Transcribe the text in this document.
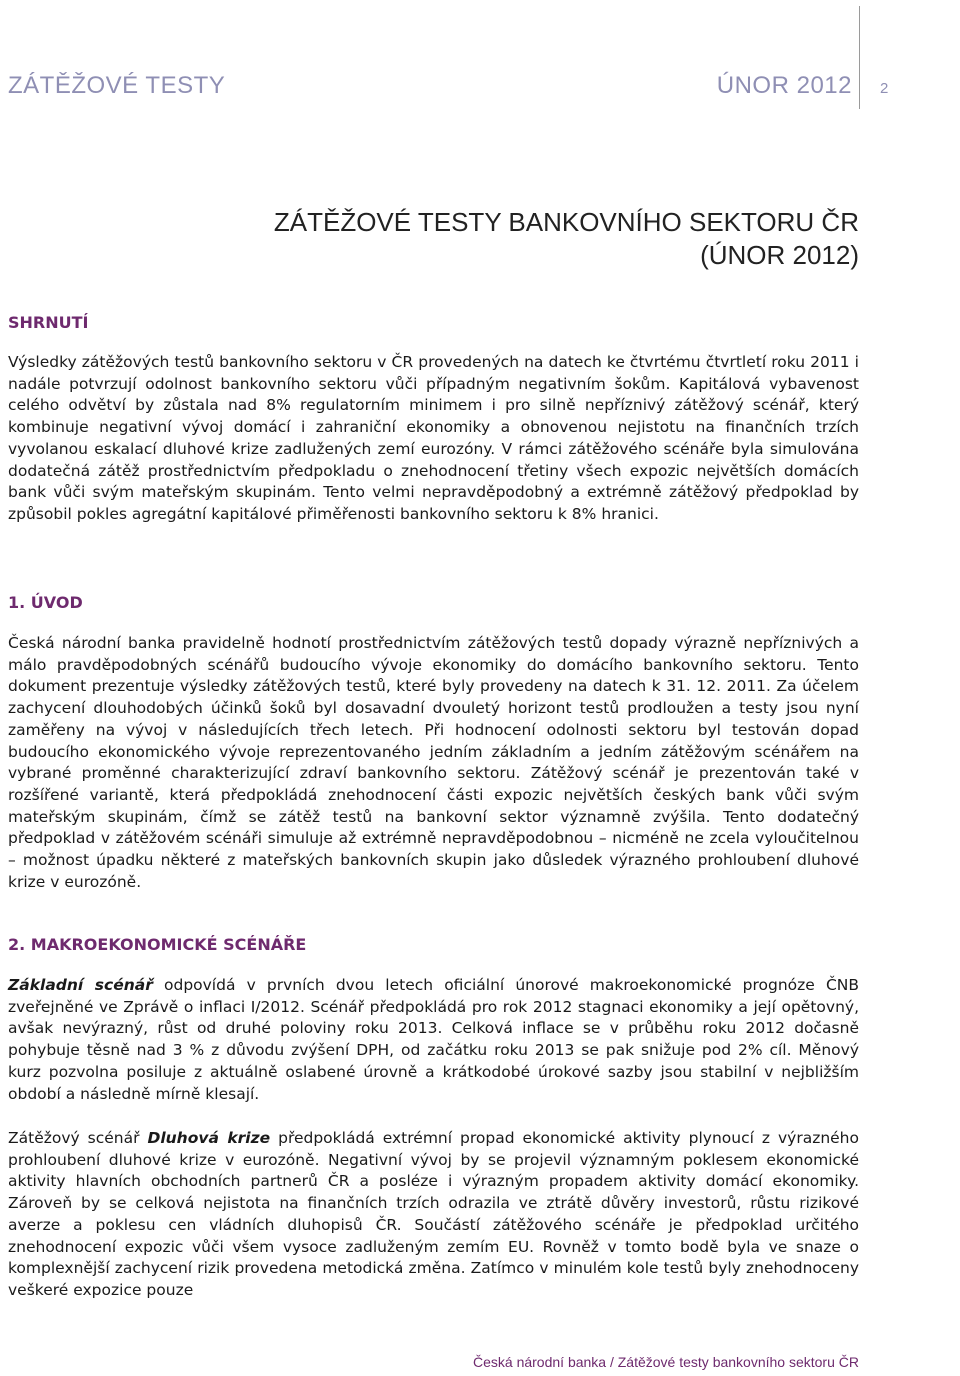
ZÁTĚŽOVÉ TESTY	ÚNOR 2012 2
ZÁTĚŽOVÉ TESTY BANKOVNÍHO SEKTORU ČR
(ÚNOR 2012)
SHRNUTÍ
Výsledky zátěžových testů bankovního sektoru v ČR provedených na datech ke čtvrtému čtvrtletí roku 2011 i nadále potvrzují odolnost bankovního sektoru vůči případným negativním šokům. Kapitálová vybavenost celého odvětví by zůstala nad 8% regulatorním minimem i pro silně nepříznivý zátěžový scénář, který kombinuje negativní vývoj domácí i zahraniční ekonomiky a obnovenou nejistotu na finančních trzích vyvolanou eskalací dluhové krize zadlužených zemí eurozóny. V rámci zátěžového scénáře byla simulována dodatečná zátěž prostřednictvím předpokladu o znehodnocení třetiny všech expozic největších domácích bank vůči svým mateřským skupinám. Tento velmi nepravděpodobný a extrémně zátěžový předpoklad by způsobil pokles agregátní kapitálové přiměřenosti bankovního sektoru k 8% hranici.
1. ÚVOD
Česká národní banka pravidelně hodnotí prostřednictvím zátěžových testů dopady výrazně nepříznivých a málo pravděpodobných scénářů budoucího vývoje ekonomiky do domácího bankovního sektoru. Tento dokument prezentuje výsledky zátěžových testů, které byly provedeny na datech k 31. 12. 2011. Za účelem zachycení dlouhodobých účinků šoků byl dosavadní dvouletý horizont testů prodloužen a testy jsou nyní zaměřeny na vývoj v následujících třech letech. Při hodnocení odolnosti sektoru byl testován dopad budoucího ekonomického vývoje reprezentovaného jedním základním a jedním zátěžovým scénářem na vybrané proměnné charakterizující zdraví bankovního sektoru. Zátěžový scénář je prezentován také v rozšířené variantě, která předpokládá znehodnocení části expozic největších českých bank vůči svým mateřským skupinám, čímž se zátěž testů na bankovní sektor významně zvýšila. Tento dodatečný předpoklad v zátěžovém scénáři simuluje až extrémně nepravděpodobnou – nicméně ne zcela vyloučitelnou – možnost úpadku některé z mateřských bankovních skupin jako důsledek výrazného prohloubení dluhové krize v eurozóně.
2. MAKROEKONOMICKÉ SCÉNÁŘE
Základní scénář odpovídá v prvních dvou letech oficiální únorové makroekonomické prognóze ČNB zveřejněné ve Zprávě o inflaci I/2012. Scénář předpokládá pro rok 2012 stagnaci ekonomiky a její opětovný, avšak nevýrazný, růst od druhé poloviny roku 2013. Celková inflace se v průběhu roku 2012 dočasně pohybuje těsně nad 3 % z důvodu zvýšení DPH, od začátku roku 2013 se pak snižuje pod 2% cíl. Měnový kurz pozvolna posiluje z aktuálně oslabené úrovně a krátkodobé úrokové sazby jsou stabilní v nejbližším období a následně mírně klesají.
Zátěžový scénář Dluhová krize předpokládá extrémní propad ekonomické aktivity plynoucí z výrazného prohloubení dluhové krize v eurozóně. Negativní vývoj by se projevil významným poklesem ekonomické aktivity hlavních obchodních partnerů ČR a posléze i výrazným propadem aktivity domácí ekonomiky. Zároveň by se celková nejistota na finančních trzích odrazila ve ztrátě důvěry investorů, růstu rizikové averze a poklesu cen vládních dluhopisů ČR. Součástí zátěžového scénáře je předpoklad určitého znehodnocení expozic vůči všem vysoce zadluženým zemím EU. Rovněž v tomto bodě byla ve snaze o komplexnější zachycení rizik provedena metodická změna. Zatímco v minulém kole testů byly znehodnoceny veškeré expozice pouze
Česká národní banka / Zátěžové testy bankovního sektoru ČR
